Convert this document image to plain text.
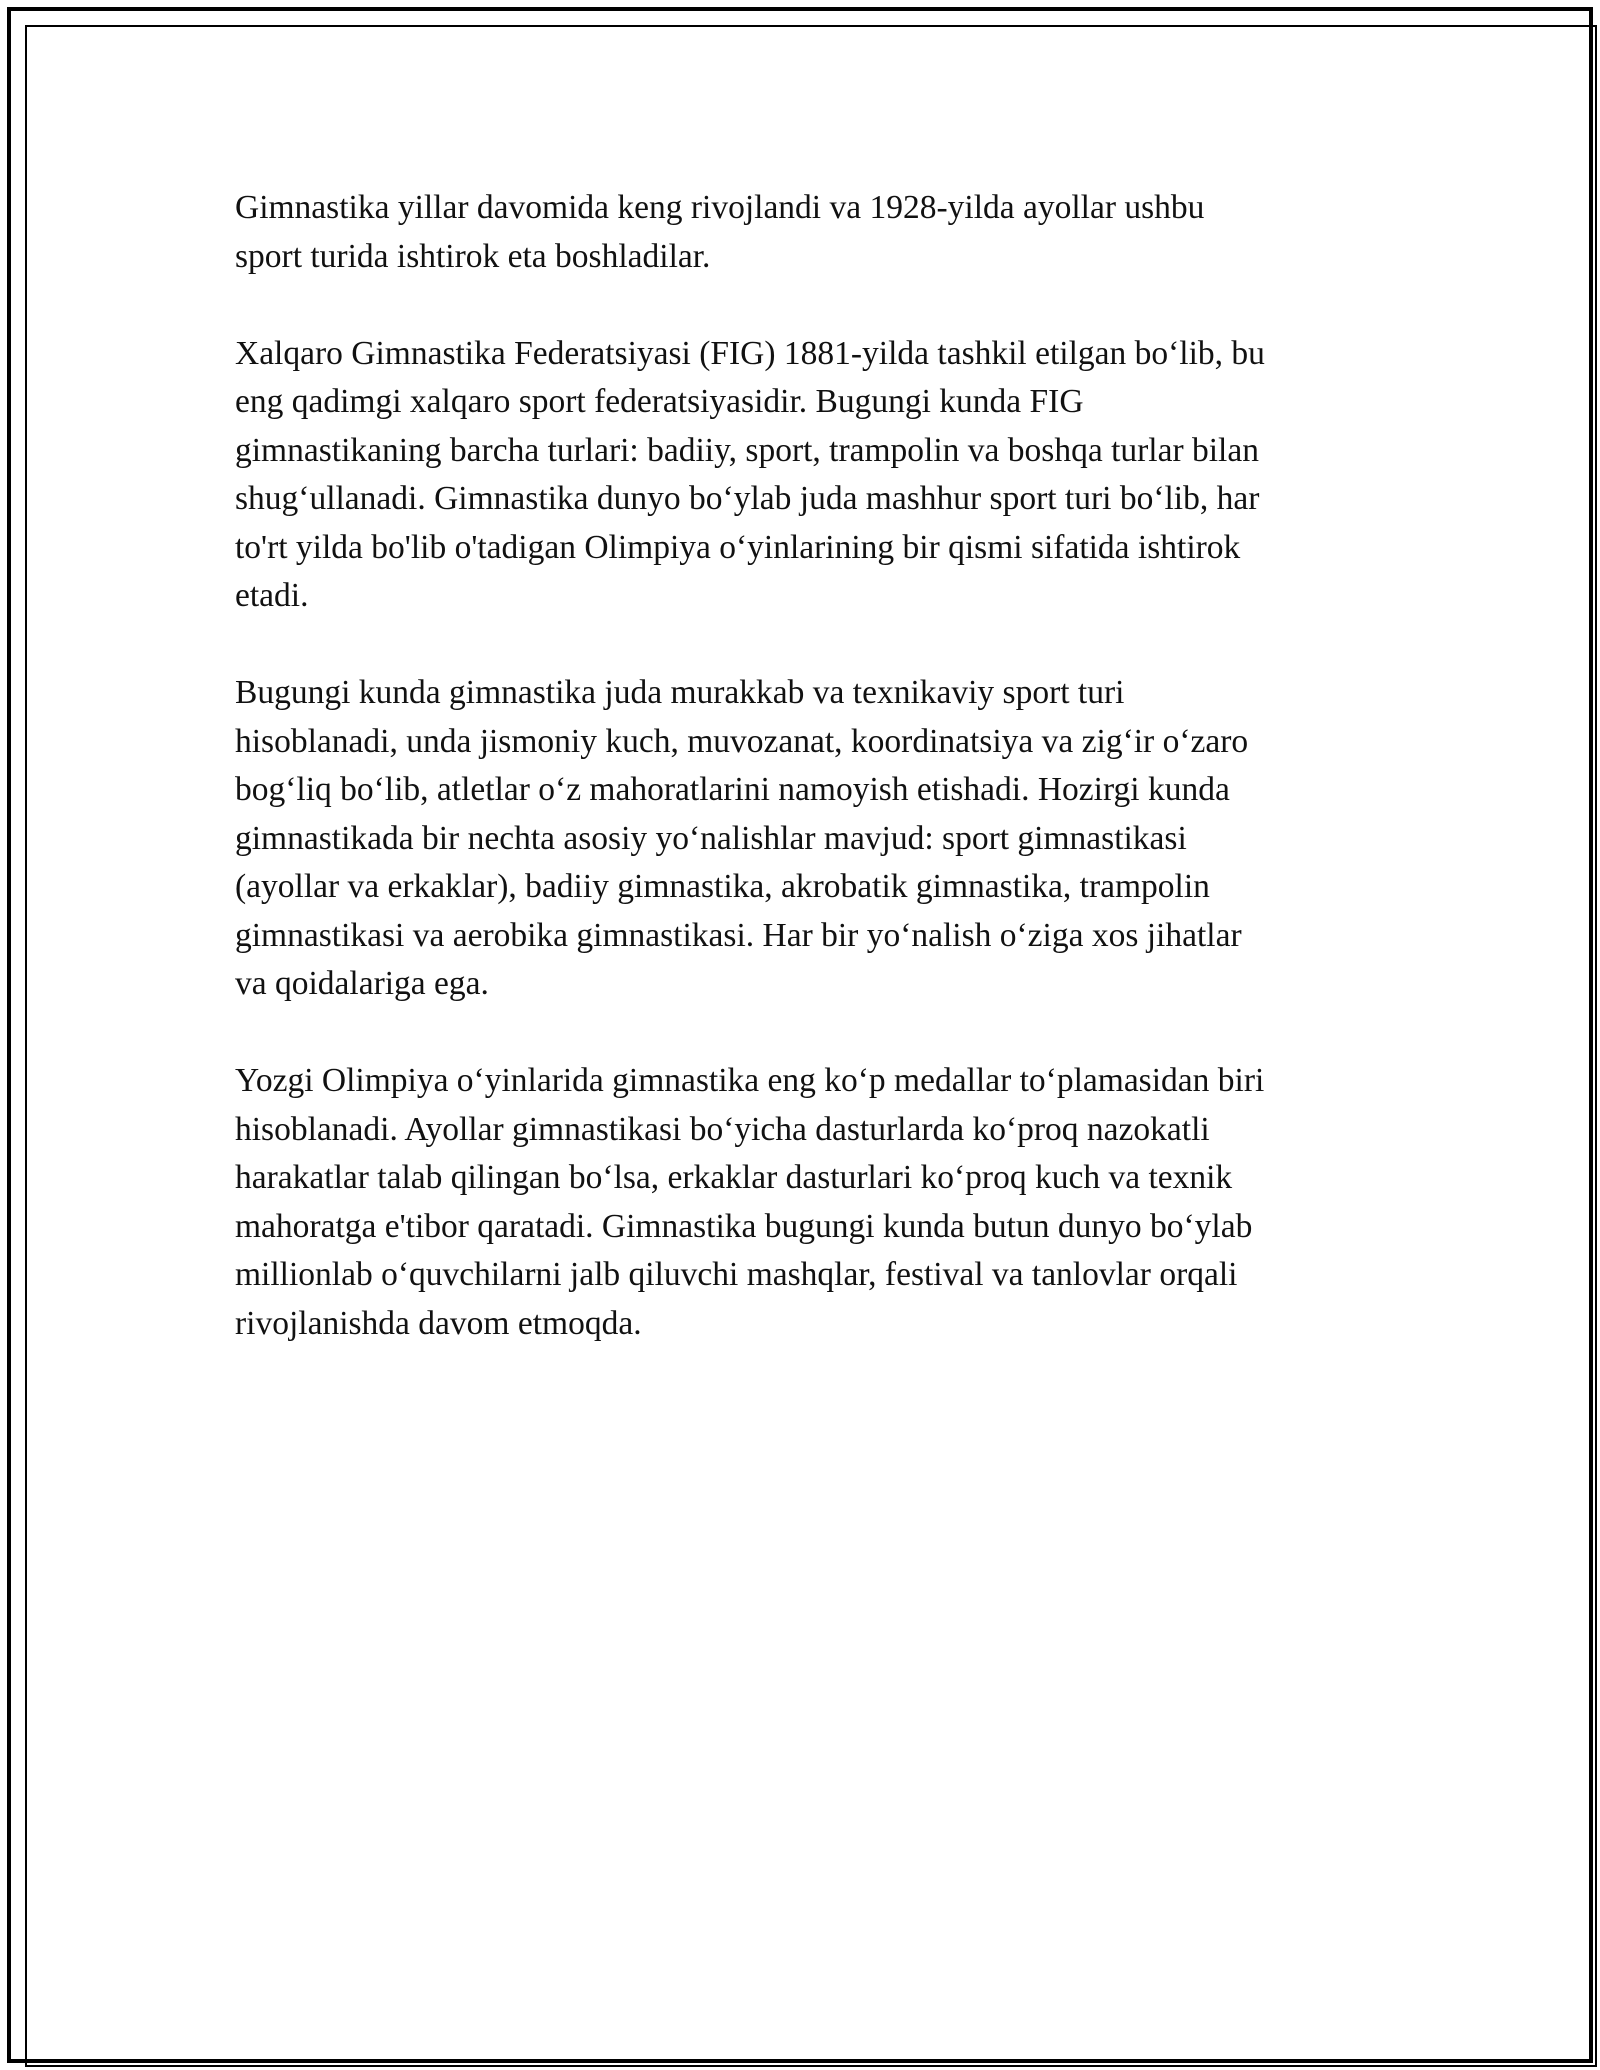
Gimnastika yillar davomida keng rivojlandi va 1928-yilda ayollar ushbu
sport turida ishtirok eta boshladilar.

Xalqaro Gimnastika Federatsiyasi (FIG) 1881-yilda tashkil etilgan bo‘lib, bu
eng qadimgi xalqaro sport federatsiyasidir. Bugungi kunda FIG
gimnastikaning barcha turlari: badiiy, sport, trampolin va boshqa turlar bilan
shug‘ullanadi. Gimnastika dunyo bo‘ylab juda mashhur sport turi bo‘lib, har
to'rt yilda bo'lib o'tadigan Olimpiya o‘yinlarining bir qismi sifatida ishtirok
etadi.

Bugungi kunda gimnastika juda murakkab va texnikaviy sport turi
hisoblanadi, unda jismoniy kuch, muvozanat, koordinatsiya va zig‘ir o‘zaro
bog‘liq bo‘lib, atletlar o‘z mahoratlarini namoyish etishadi. Hozirgi kunda
gimnastikada bir nechta asosiy yo‘nalishlar mavjud: sport gimnastikasi
(ayollar va erkaklar), badiiy gimnastika, akrobatik gimnastika, trampolin
gimnastikasi va aerobika gimnastikasi. Har bir yo‘nalish o‘ziga xos jihatlar
va qoidalariga ega.

Yozgi Olimpiya o‘yinlarida gimnastika eng ko‘p medallar to‘plamasidan biri
hisoblanadi. Ayollar gimnastikasi bo‘yicha dasturlarda ko‘proq nazokatli
harakatlar talab qilingan bo‘lsa, erkaklar dasturlari ko‘proq kuch va texnik
mahoratga e'tibor qaratadi. Gimnastika bugungi kunda butun dunyo bo‘ylab
millionlab o‘quvchilarni jalb qiluvchi mashqlar, festival va tanlovlar orqali
rivojlanishda davom etmoqda.
